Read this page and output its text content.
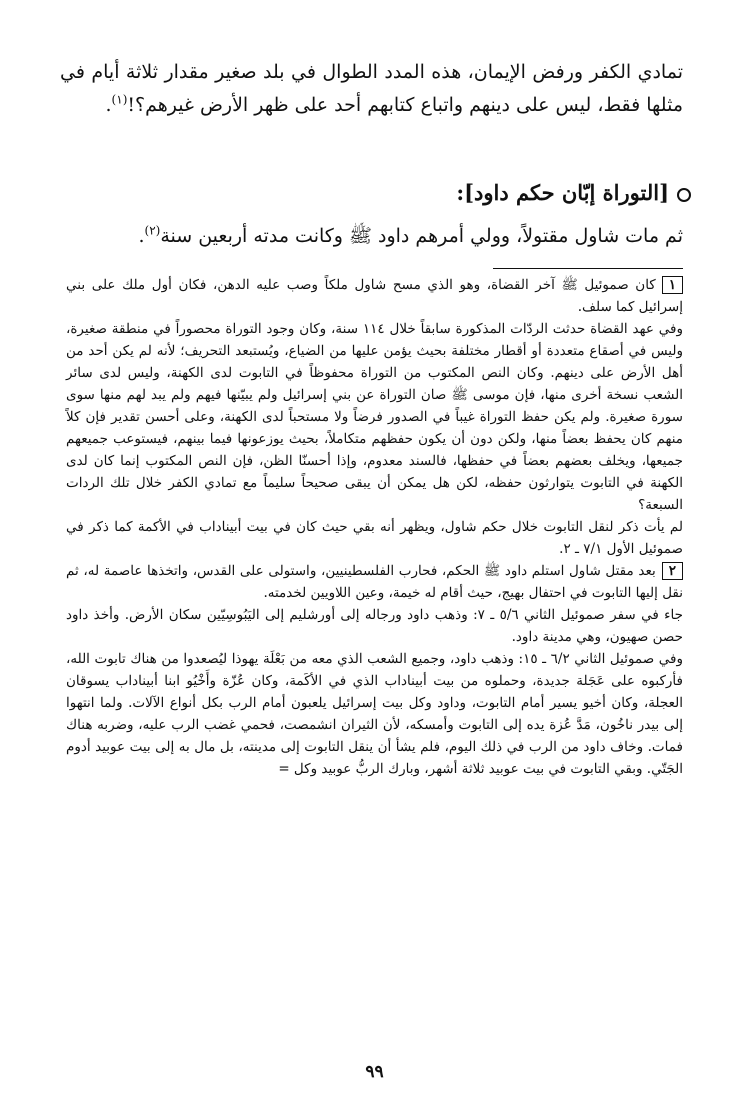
تمادي الكفر ورفض الإيمان، هذه المدد الطوال في بلد صغير مقدار ثلاثة أيام في مثلها فقط، ليس على دينهم واتباع كتابهم أحد على ظهر الأرض غيرهم؟!$^{(١)}$.

[التوراة إبّان حكم داود]:
ثم مات شاول مقتولاً، وولي أمرهم داود ﷺ وكانت مدته أربعين سنة$^{(٢)}$.

١كان صموئيل ﷺ آخر القضاة، وهو الذي مسح شاول ملكاً وصب عليه الدهن، فكان أول ملك على بني إسرائيل كما سلف.

وفي عهد القضاة حدثت الردّات المذكورة سابقاً خلال ١١٤ سنة، وكان وجود التوراة محصوراً في منطقة صغيرة، وليس في أصقاع متعددة أو أقطار مختلفة بحيث يؤمن عليها من الضياع، ويُستبعد التحريف؛ لأنه لم يكن أحد من أهل الأرض على دينهم. وكان النص المكتوب من التوراة محفوظاً في التابوت لدى الكهنة، وليس لدى سائر الشعب نسخة أخرى منها، فإن موسى ﷺ صان التوراة عن بني إسرائيل ولم يبيّنها فيهم ولم يبد لهم منها سوى سورة صغيرة. ولم يكن حفظ التوراة غيباً في الصدور فرضاً ولا مستحباً لدى الكهنة، وعلى أحسن تقدير فإن كلاً منهم كان يحفظ بعضاً منها، ولكن دون أن يكون حفظهم متكاملاً، بحيث يوزعونها فيما بينهم، فيستوعب جميعهم جميعها، ويخلف بعضهم بعضاً في حفظها، فالسند معدوم، وإذا أحسنّا الظن، فإن النص المكتوب إنما كان لدى الكهنة في التابوت يتوارثون حفظه، لكن هل يمكن أن يبقى صحيحاً سليماً مع تمادي الكفر خلال تلك الردات السبعة؟

لم يأت ذكر لنقل التابوت خلال حكم شاول، ويظهر أنه بقي حيث كان في بيت أبيناداب في الأكمة كما ذكر في صموئيل الأول ٧/١ ـ ٢.

٢بعد مقتل شاول استلم داود ﷺ الحكم، فحارب الفلسطينيين، واستولى على القدس، واتخذها عاصمة له، ثم نقل إليها التابوت في احتفال بهيج، حيث أقام له خيمة، وعين اللاويين لخدمته.

جاء في سفر صموئيل الثاني ٥/٦ ـ ٧: وذهب داود ورجاله إلى أورشليم إلى اليَبُوسِيّين سكان الأرض. وأخذ داود حصن صهيون، وهي مدينة داود.

وفي صموئيل الثاني ٦/٢ ـ ١٥: وذهب داود، وجميع الشعب الذي معه من بَعْلَة يهوذا ليُصعدوا من هناك تابوت الله، فأركبوه على عَجَلة جديدة، وحملوه من بيت أبيناداب الذي في الأكَمة، وكان عُزّة وأَخْيُو ابنا أبيناداب يسوقان العجلة، وكان أخيو يسير أمام التابوت، وداود وكل بيت إسرائيل يلعبون أمام الرب بكل أنواع الآلات. ولما انتهوا إلى بيدر ناخُون، مَدَّ عُزة يده إلى التابوت وأمسكه، لأن الثيران انشمصت، فحمي غضب الرب عليه، وضربه هناك فمات. وخاف داود من الرب في ذلك اليوم، فلم يشأ أن ينقل التابوت إلى مدينته، بل مال به إلى بيت عوبيد أدوم الجَتّي. وبقي التابوت في بيت عوبيد ثلاثة أشهر، وبارك الربُّ عوبيد وكل =

٩٩
